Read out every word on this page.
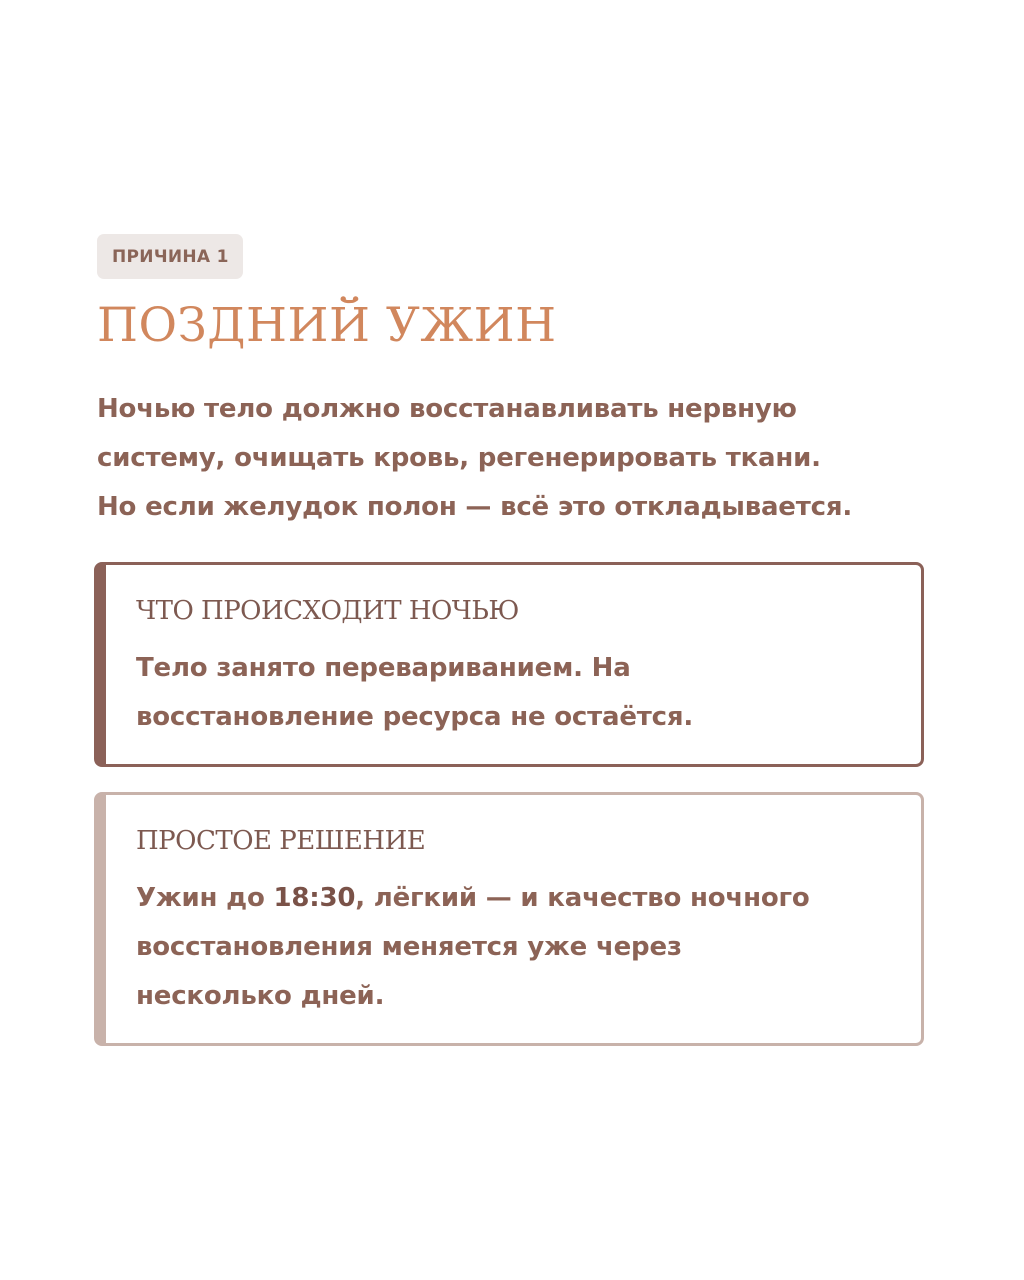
ПРИЧИНА 1
ПОЗДНИЙ УЖИН
Ночью тело должно восстанавливать нервную
систему, очищать кровь, регенерировать ткани.
Но если желудок полон — всё это откладывается.
ЧТО ПРОИСХОДИТ НОЧЬЮ
Тело занято перевариванием. На
восстановление ресурса не остаётся.
ПРОСТОЕ РЕШЕНИЕ
Ужин до 18:30, лёгкий — и качество ночного
восстановления меняется уже через
несколько дней.
